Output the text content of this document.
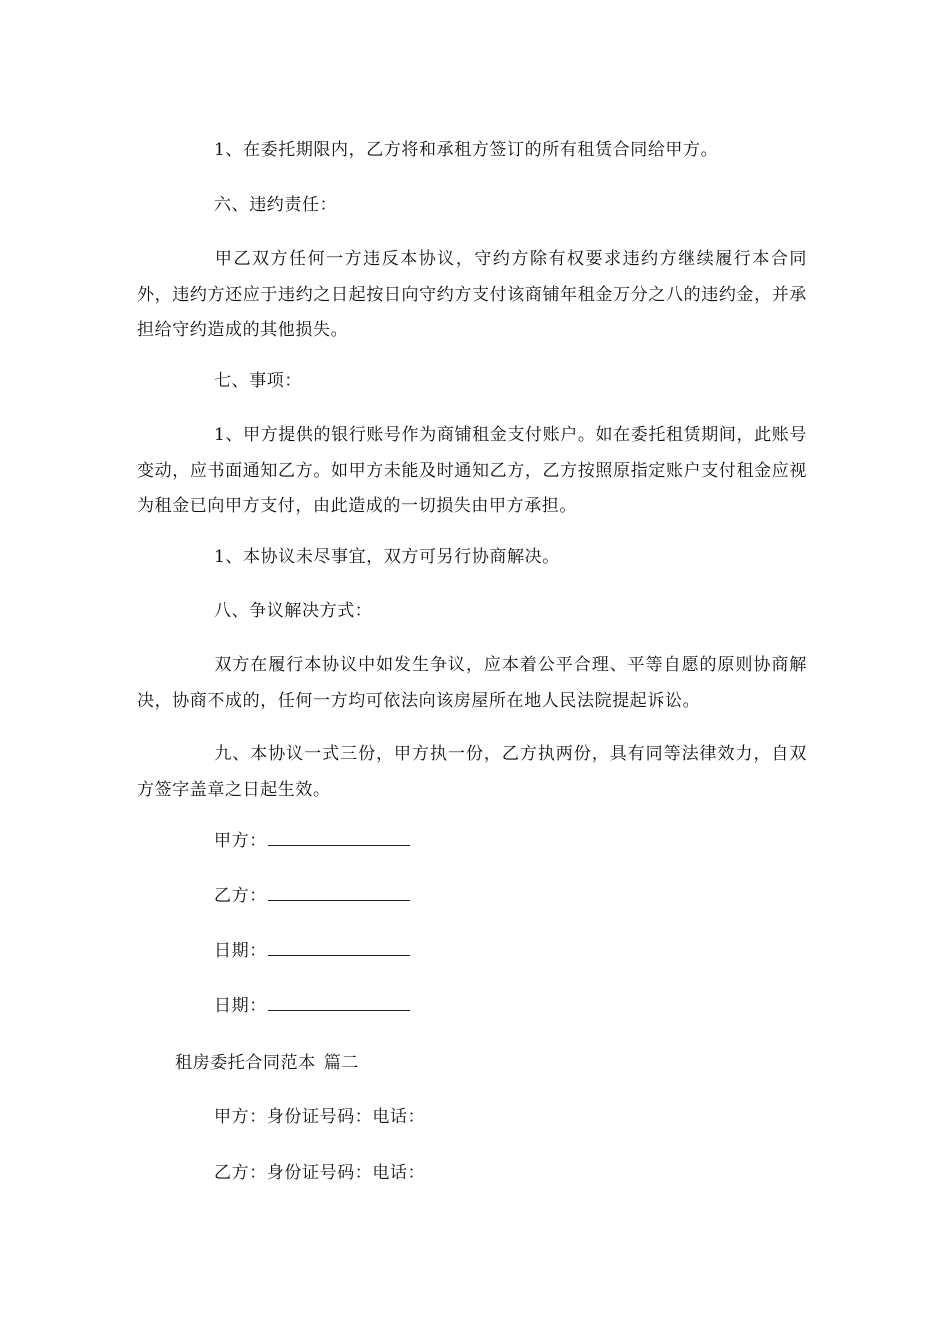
1、在委托期限内，乙方将和承租方签订的所有租赁合同给甲方。
六、违约责任：

甲乙双方任何一方违反本协议，守约方除有权要求违约方继续履行本合同外，违约方还应于违约之日起按日向守约方支付该商铺年租金万分之八的违约金，并承担给守约造成的其他损失。

七、事项：

1、甲方提供的银行账号作为商铺租金支付账户。如在委托租赁期间，此账号变动，应书面通知乙方。如甲方未能及时通知乙方，乙方按照原指定账户支付租金应视为租金已向甲方支付，由此造成的一切损失由甲方承担。

1、本协议未尽事宜，双方可另行协商解决。
八、争议解决方式：

双方在履行本协议中如发生争议，应本着公平合理、平等自愿的原则协商解决，协商不成的，任何一方均可依法向该房屋所在地人民法院提起诉讼。

九、本协议一式三份，甲方执一份，乙方执两份，具有同等法律效力，自双方签字盖章之日起生效。

甲方：
乙方：
日期：
日期：
租房委托合同范本 篇二
甲方：身份证号码：电话：
乙方：身份证号码：电话：
